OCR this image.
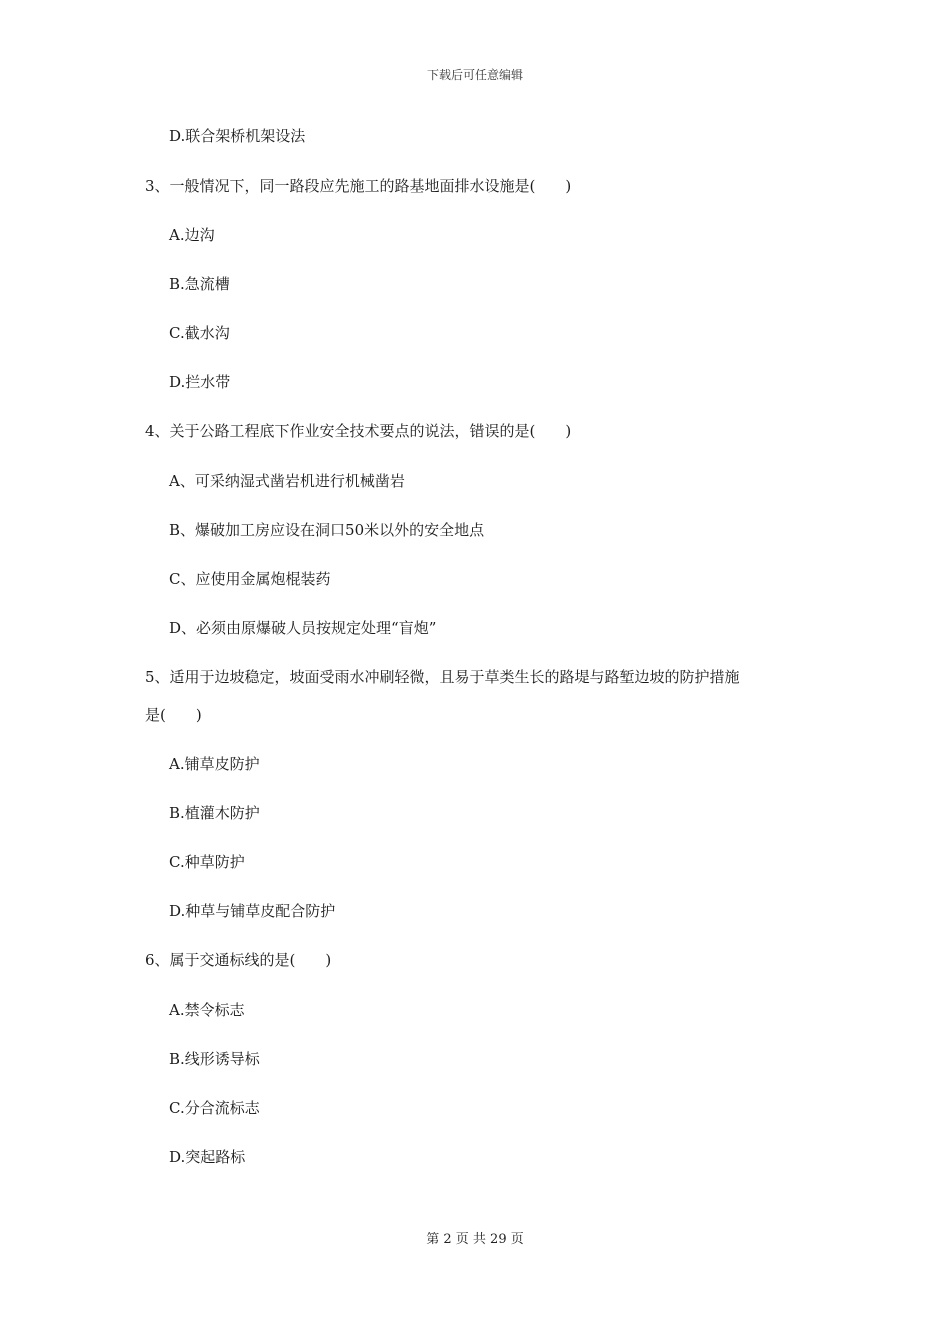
下载后可任意编辑
D.联合架桥机架设法
3、一般情况下，同一路段应先施工的路基地面排水设施是(　　)
A.边沟
B.急流槽
C.截水沟
D.拦水带
4、关于公路工程底下作业安全技术要点的说法，错误的是(　　)
A、可采纳湿式凿岩机进行机械凿岩
B、爆破加工房应设在洞口50米以外的安全地点
C、应使用金属炮棍装药
D、必须由原爆破人员按规定处理“盲炮”
5、适用于边坡稳定，坡面受雨水冲刷轻微，且易于草类生长的路堤与路堑边坡的防护措施
是(　　)
A.铺草皮防护
B.植灌木防护
C.种草防护
D.种草与铺草皮配合防护
6、属于交通标线的是(　　)
A.禁令标志
B.线形诱导标
C.分合流标志
D.突起路标
第 2 页 共 29 页
